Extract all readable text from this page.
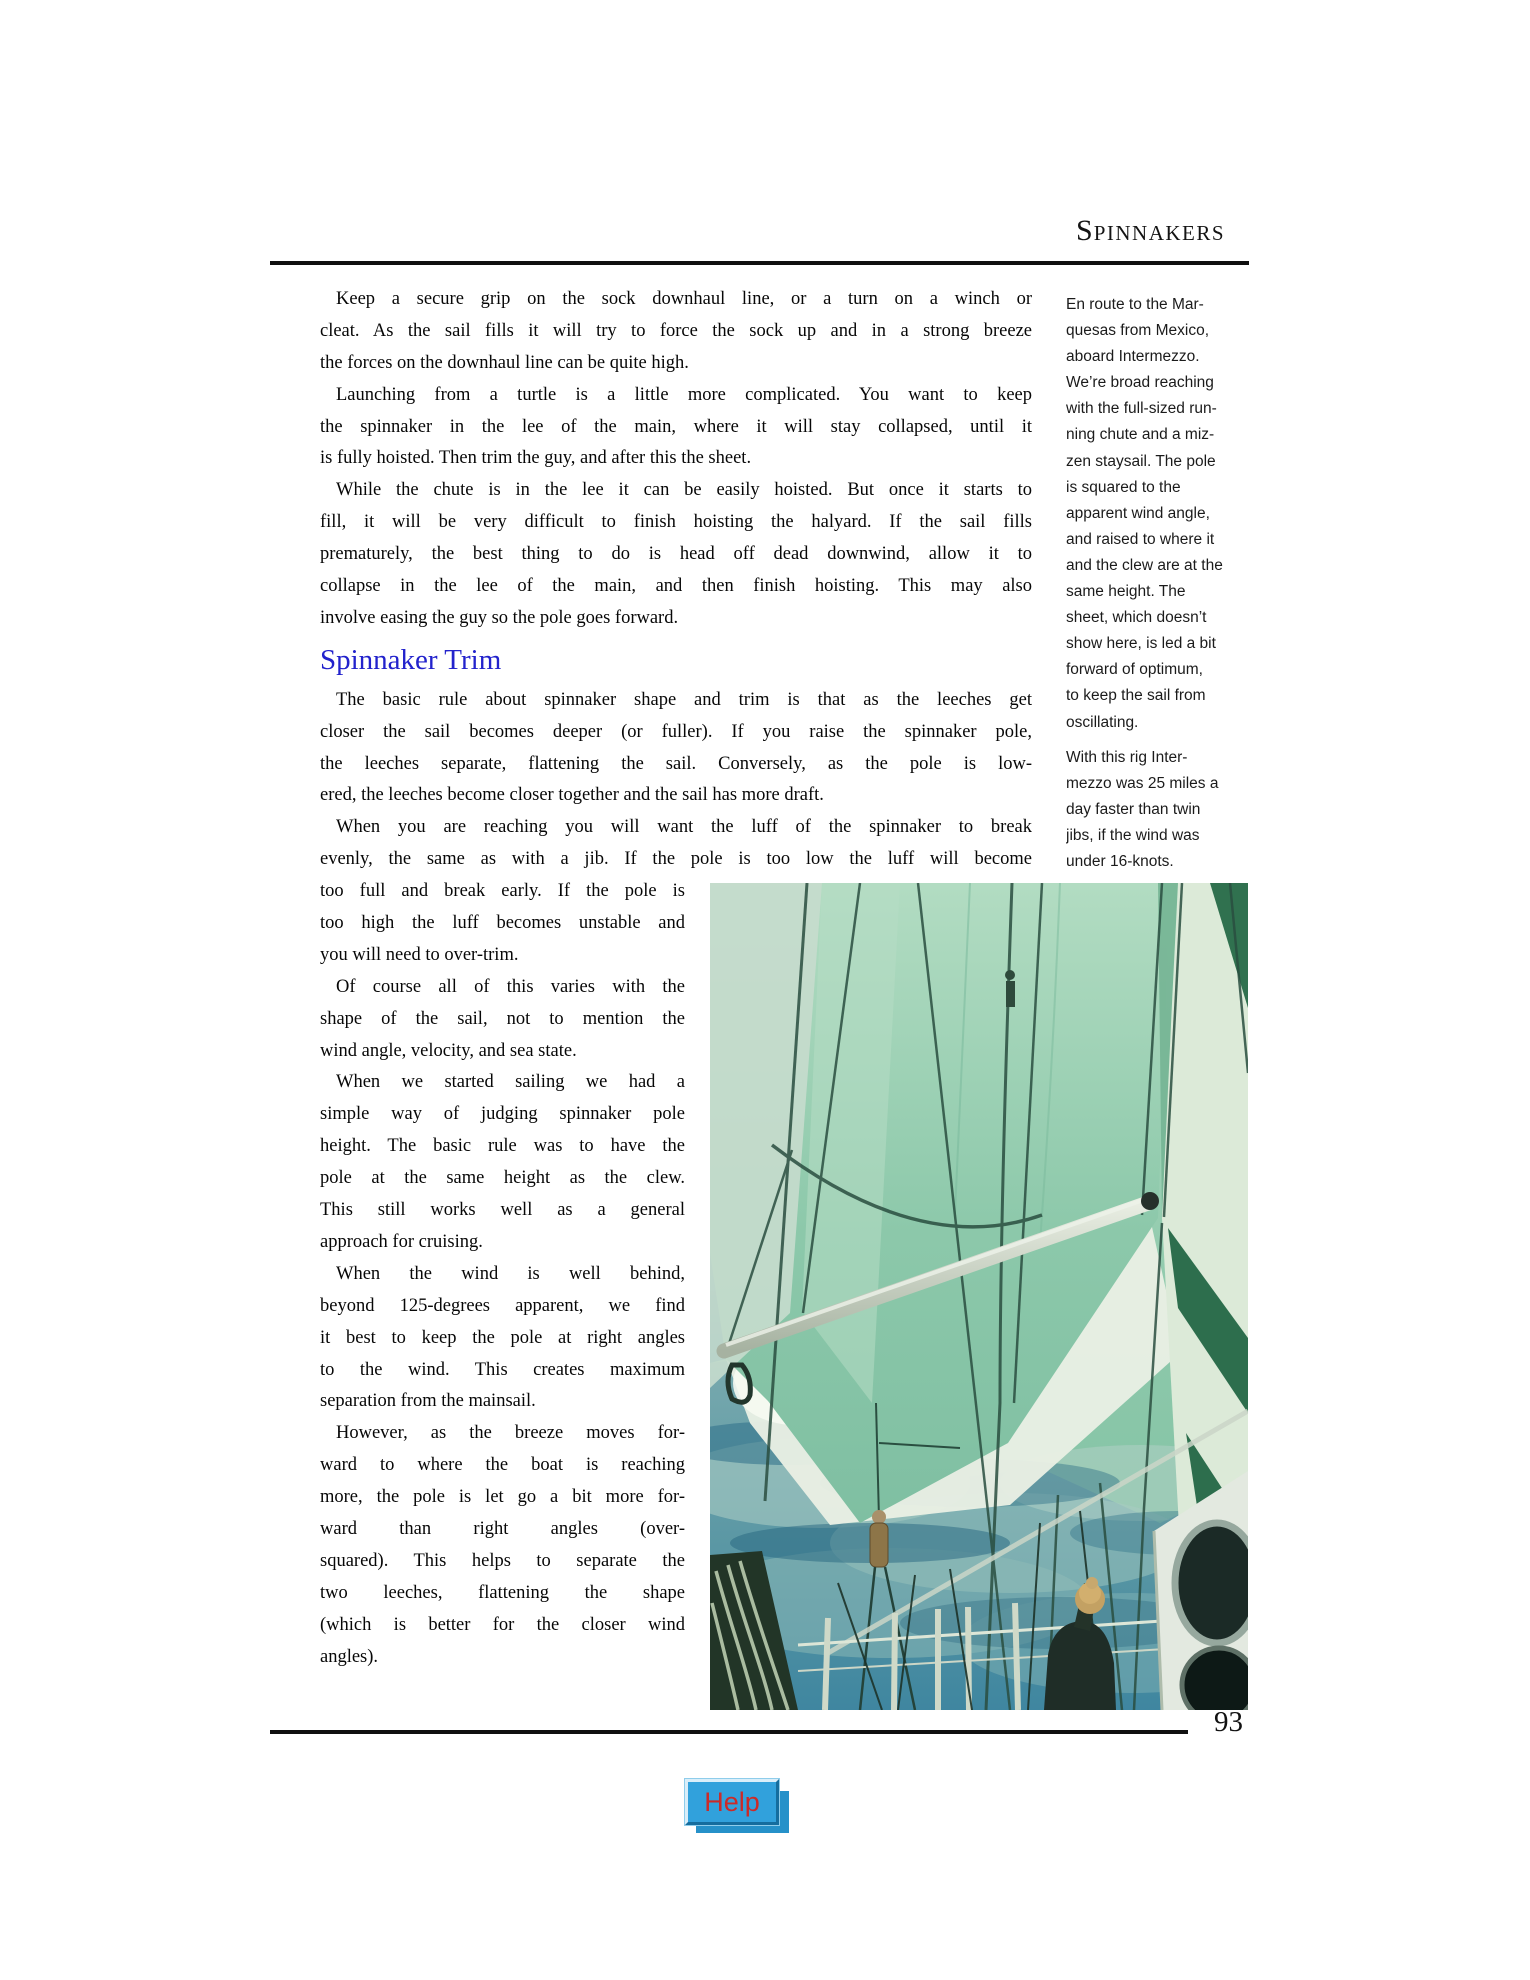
SPINNAKERS
Keep a secure grip on the sock downhaul line, or a turn on a winch or
cleat. As the sail fills it will try to force the sock up and in a strong breeze
the forces on the downhaul line can be quite high.
Launching from a turtle is a little more complicated. You want to keep
the spinnaker in the lee of the main, where it will stay collapsed, until it
is fully hoisted. Then trim the guy, and after this the sheet.
While the chute is in the lee it can be easily hoisted. But once it starts to
fill, it will be very difficult to finish hoisting the halyard. If the sail fills
prematurely, the best thing to do is head off dead downwind, allow it to
collapse in the lee of the main, and then finish hoisting. This may also
involve easing the guy so the pole goes forward.
Spinnaker Trim
The basic rule about spinnaker shape and trim is that as the leeches get
closer the sail becomes deeper (or fuller). If you raise the spinnaker pole,
the leeches separate, flattening the sail. Conversely, as the pole is low-
ered, the leeches become closer together and the sail has more draft.
When you are reaching you will want the luff of the spinnaker to break
evenly, the same as with a jib. If the pole is too low the luff will become
too full and break early. If the pole is
too high the luff becomes unstable and
you will need to over-trim.
Of course all of this varies with the
shape of the sail, not to mention the
wind angle, velocity, and sea state.
When we started sailing we had a
simple way of judging spinnaker pole
height. The basic rule was to have the
pole at the same height as the clew.
This still works well as a general
approach for cruising.
When the wind is well behind,
beyond 125-degrees apparent, we find
it best to keep the pole at right angles
to the wind. This creates maximum
separation from the mainsail.
However, as the breeze moves for-
ward to where the boat is reaching
more, the pole is let go a bit more for-
ward than right angles (over-
squared). This helps to separate the
two leeches, flattening the shape
(which is better for the closer wind
angles).
En route to the Mar-
quesas from Mexico,
aboard Intermezzo.
We’re broad reaching
with the full-sized run-
ning chute and a miz-
zen staysail. The pole
is squared to the
apparent wind angle,
and raised to where it
and the clew are at the
same height. The
sheet, which doesn’t
show here, is led a bit
forward of optimum,
to keep the sail from
oscillating.
With this rig Inter-
mezzo was 25 miles a
day faster than twin
jibs, if the wind was
under 16-knots.
93
Help
